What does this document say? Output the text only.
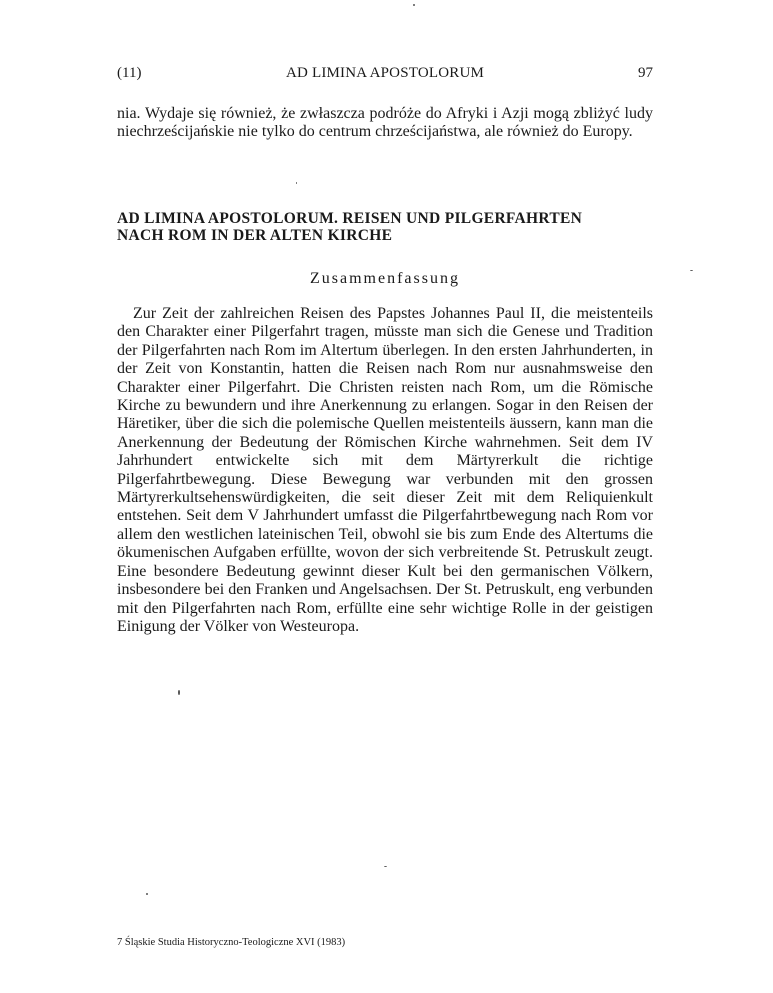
(11)	AD LIMINA APOSTOLORUM	97
nia. Wydaje się również, że zwłaszcza podróże do Afryki i Azji mogą zbliżyć ludy niechrześcijańskie nie tylko do centrum chrześcijaństwa, ale również do Europy.
AD LIMINA APOSTOLORUM. REISEN UND PILGERFAHRTEN
NACH ROM IN DER ALTEN KIRCHE
Zusammenfassung
Zur Zeit der zahlreichen Reisen des Papstes Johannes Paul II, die meistenteils den Charakter einer Pilgerfahrt tragen, müsste man sich die Genese und Tradition der Pilgerfahrten nach Rom im Altertum überlegen. In den ersten Jahrhunderten, in der Zeit von Konstantin, hatten die Reisen nach Rom nur ausnahmsweise den Charakter einer Pilgerfahrt. Die Christen reisten nach Rom, um die Römische Kirche zu bewundern und ihre Anerkennung zu erlangen. Sogar in den Reisen der Häretiker, über die sich die polemische Quellen meistenteils äussern, kann man die Anerkennung der Bedeutung der Römischen Kirche wahrnehmen. Seit dem IV Jahrhundert entwickelte sich mit dem Märtyrerkult die richtige Pilgerfahrtbewegung. Diese Bewegung war verbunden mit den grossen Märtyrerkultsehenswürdigkeiten, die seit dieser Zeit mit dem Reliquienkult entstehen. Seit dem V Jahrhundert umfasst die Pilgerfahrtbewegung nach Rom vor allem den westlichen lateinischen Teil, obwohl sie bis zum Ende des Altertums die ökumenischen Aufgaben erfüllte, wovon der sich verbreitende St. Petruskult zeugt. Eine besondere Bedeutung gewinnt dieser Kult bei den germanischen Völkern, insbesondere bei den Franken und Angelsachsen. Der St. Petruskult, eng verbunden mit den Pilgerfahrten nach Rom, erfüllte eine sehr wichtige Rolle in der geistigen Einigung der Völker von Westeuropa.
7 Śląskie Studia Historyczno-Teologiczne XVI (1983)
